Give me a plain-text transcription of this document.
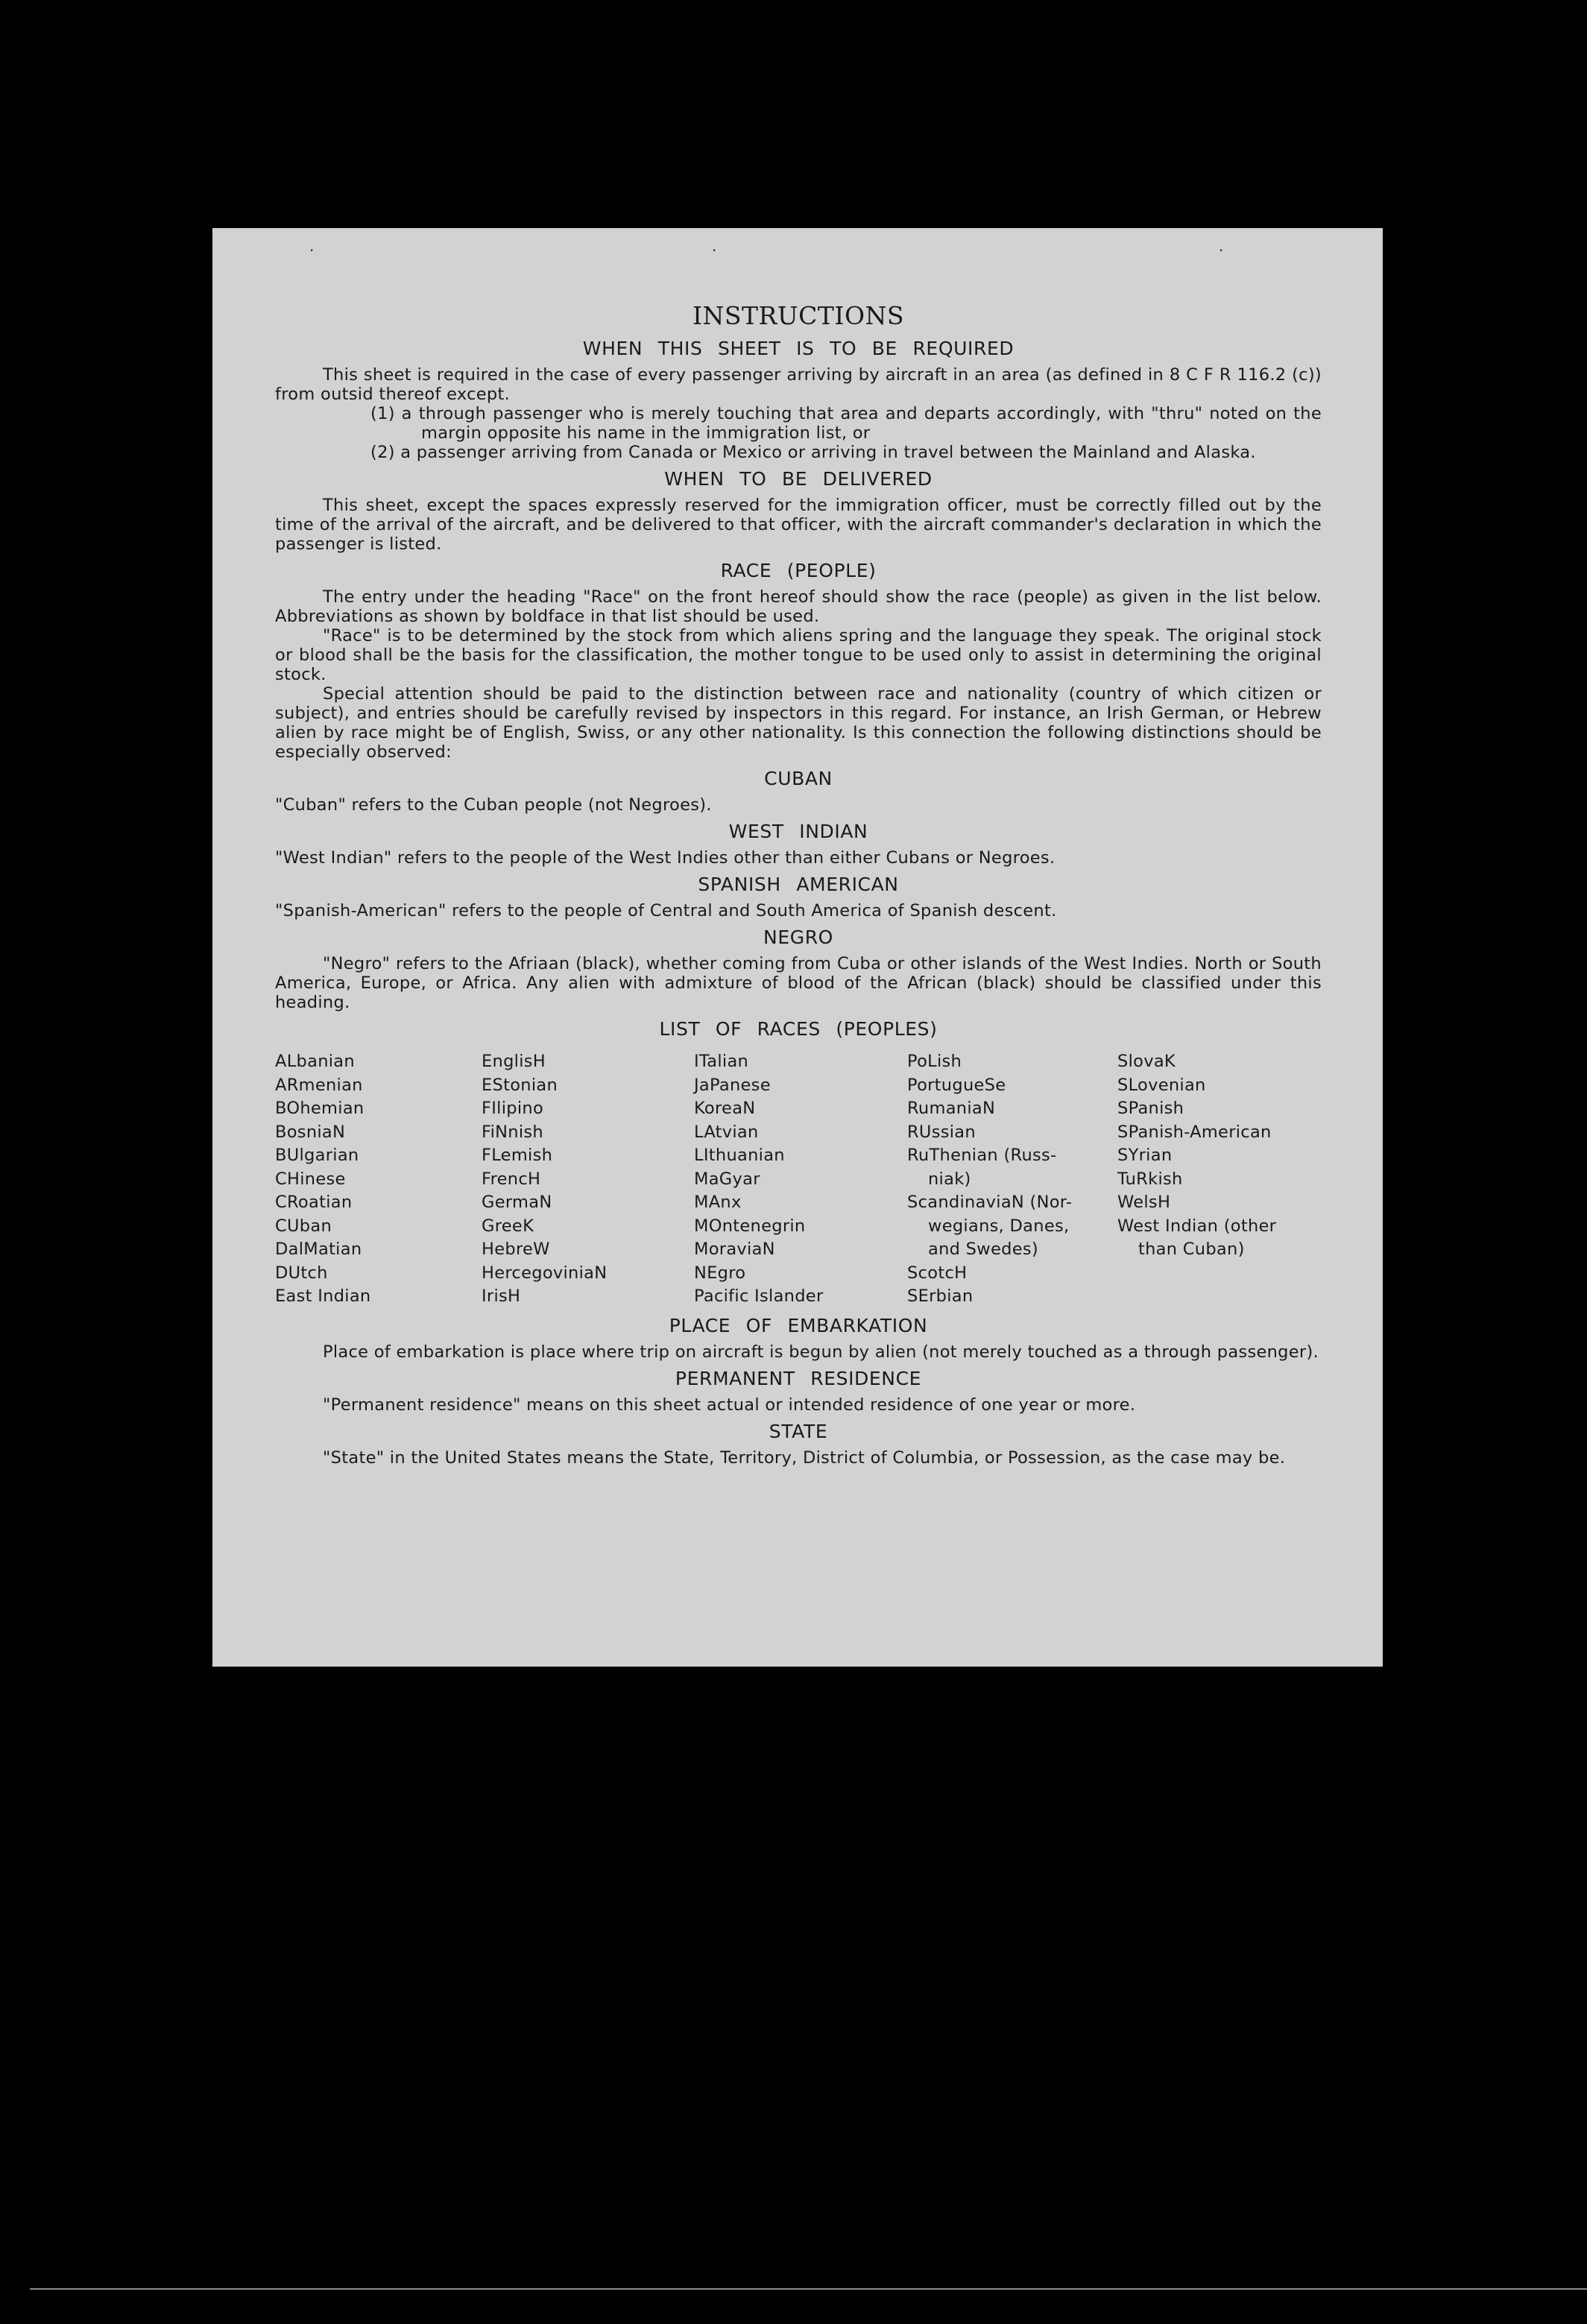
·	·	·
INSTRUCTIONS
WHEN THIS SHEET IS TO BE REQUIRED

This sheet is required in the case of every passenger arriving by aircraft in an area (as defined in 8 C F R 116.2 (c)) from outsid thereof except.

(1) a through passenger who is merely touching that area and departs accordingly, with "thru" noted on the margin opposite his name in the immigration list, or

(2) a passenger arriving from Canada or Mexico or arriving in travel between the Mainland and Alaska.

WHEN TO BE DELIVERED

This sheet, except the spaces expressly reserved for the immigration officer, must be correctly filled out by the time of the arrival of the aircraft, and be delivered to that officer, with the aircraft commander's declaration in which the passenger is listed.

RACE (PEOPLE)

The entry under the heading "Race" on the front hereof should show the race (people) as given in the list below. Abbreviations as shown by boldface in that list should be used.

"Race" is to be determined by the stock from which aliens spring and the language they speak. The original stock or blood shall be the basis for the classification, the mother tongue to be used only to assist in determining the original stock.

Special attention should be paid to the distinction between race and nationality (country of which citizen or subject), and entries should be carefully revised by inspectors in this regard. For instance, an Irish German, or Hebrew alien by race might be of English, Swiss, or any other nationality. Is this connection the following distinctions should be especially observed:

CUBAN

"Cuban" refers to the Cuban people (not Negroes).

WEST INDIAN

"West Indian" refers to the people of the West Indies other than either Cubans or Negroes.

SPANISH AMERICAN

"Spanish-American" refers to the people of Central and South America of Spanish descent.

NEGRO

"Negro" refers to the Afriaan (black), whether coming from Cuba or other islands of the West Indies. North or South America, Europe, or Africa. Any alien with admixture of blood of the African (black) should be classified under this heading.

LIST OF RACES (PEOPLES)
ALbanian
ARmenian
BOhemian
BosniaN
BUlgarian
CHinese
CRoatian
CUban
DalMatian
DUtch
East Indian
EnglisH
EStonian
FIlipino
FiNnish
FLemish
FrencH
GermaN
GreeK
HebreW
HercegoviniaN
IrisH
ITalian
JaPanese
KoreaN
LAtvian
LIthuanian
MaGyar
MAnx
MOntenegrin
MoraviaN
NEgro
Pacific Islander
PoLish
PortugueSe
RumaniaN
RUssian
RuThenian (Russ-
niak)
ScandinaviaN (Nor-
wegians, Danes,
and Swedes)
ScotcH
SErbian
SlovaK
SLovenian
SPanish
SPanish-American
SYrian
TuRkish
WelsH
West Indian (other
than Cuban)
PLACE OF EMBARKATION

Place of embarkation is place where trip on aircraft is begun by alien (not merely touched as a through passenger).

PERMANENT RESIDENCE

"Permanent residence" means on this sheet actual or intended residence of one year or more.

STATE

"State" in the United States means the State, Territory, District of Columbia, or Possession, as the case may be.
